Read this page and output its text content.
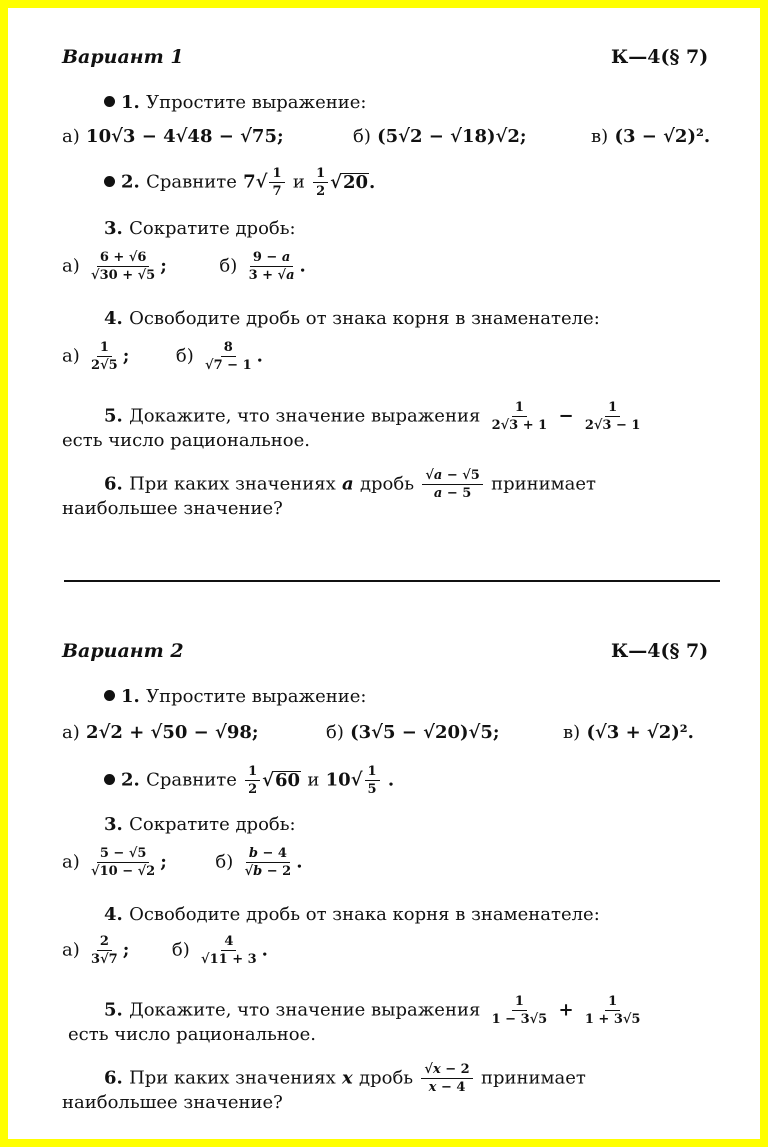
Вариант 1	К—4(§ 7)
1. Упростите выражение:
а) 10√3 − 4√48 − √75;	б) (5√2 − √18)√2;	в) (3 − √2)².
2. Сравните $7√ \frac{1}{7}$ и $\frac{1}{2} √20$.
3. Сократите дробь:
$а) \frac{6 + √6}{√30 + √5}$ ;	$б) \frac{9 - a}{3 + √a}$ .
4. Освободите дробь от знака корня в знаменателе:
$а) \frac{1}{2√5}$ ;  $б) \frac{8}{√7 - 1}$ .
5. Докажите, что значение выражения $\frac{1}{2√3 + 1} - \frac{1}{2√3 - 1}$
есть число рациональное.
6. При каких значениях a дробь $\frac{√a - √5}{a - 5}$ принимает
наибольшее значение?
Вариант 2	К—4(§ 7)
1. Упростите выражение:
а) 2√2 + √50 − √98;	б) (3√5 − √20)√5;	в) (√3 + √2)².
2. Сравните $\frac{1}{2} √60$ и $10√ \frac{1}{5}$ .
3. Сократите дробь:
$а) \frac{5 - √5}{√10 - √2}$ ;  $б) \frac{b - 4}{√b - 2}$ .
4. Освободите дробь от знака корня в знаменателе:
$а) \frac{2}{3√7}$ ;  $б) \frac{4}{√11 + 3}$ .
5. Докажите, что значение выражения $\frac{1}{1 - 3√5} + \frac{1}{1 + 3√5}$
есть число рациональное.
6. При каких значениях x дробь $\frac{√x - 2}{x - 4}$ принимает
наибольшее значение?
